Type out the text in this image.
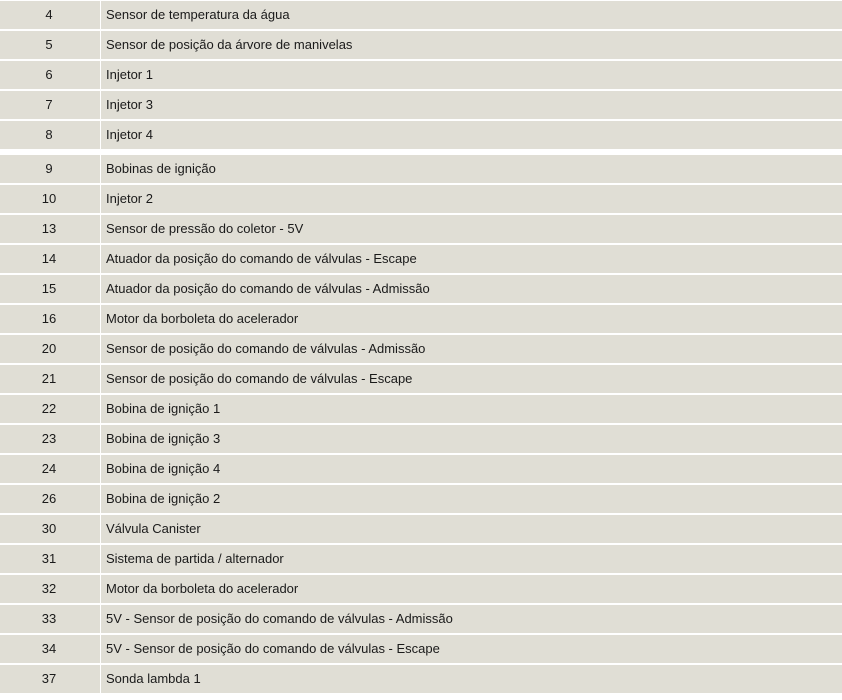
4	Sensor de temperatura da água
5	Sensor de posição da árvore de manivelas
6	Injetor 1
7	Injetor 3
8	Injetor 4
9	Bobinas de ignição
10	Injetor 2
13	Sensor de pressão do coletor - 5V
14	Atuador da posição do comando de válvulas - Escape
15	Atuador da posição do comando de válvulas - Admissão
16	Motor da borboleta do acelerador
20	Sensor de posição do comando de válvulas - Admissão
21	Sensor de posição do comando de válvulas - Escape
22	Bobina de ignição 1
23	Bobina de ignição 3
24	Bobina de ignição 4
26	Bobina de ignição 2
30	Válvula Canister
31	Sistema de partida / alternador
32	Motor da borboleta do acelerador
33	5V - Sensor de posição do comando de válvulas - Admissão
34	5V - Sensor de posição do comando de válvulas - Escape
37	Sonda lambda 1
